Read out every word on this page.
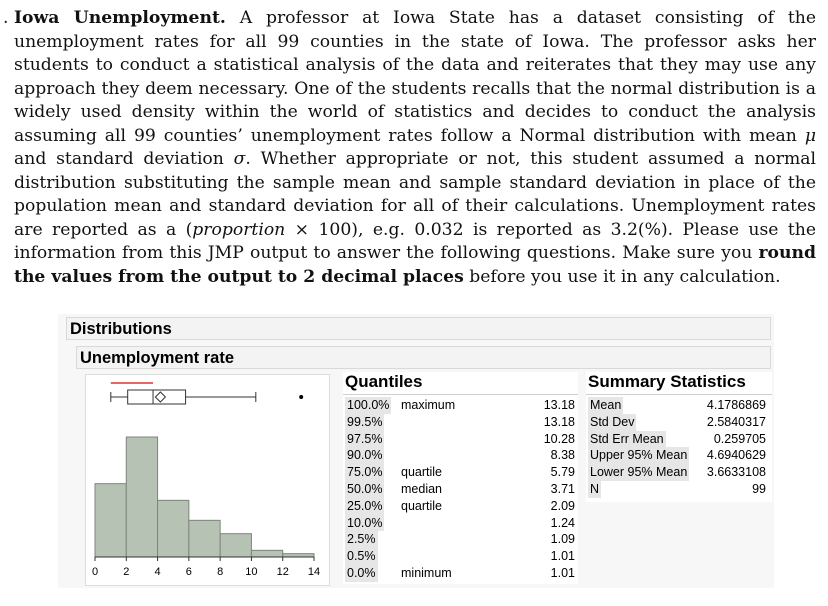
. Iowa Unemployment. A professor at Iowa State has a dataset consisting of the unemployment rates for all 99 counties in the state of Iowa. The professor asks her students to conduct a statistical analysis of the data and reiterates that they may use any approach they deem necessary. One of the students recalls that the normal distribution is a widely used density within the world of statistics and decides to conduct the analysis assuming all 99 counties’ unemployment rates follow a Normal distribution with mean μ and standard deviation σ. Whether appropriate or not, this student assumed a normal distribution substituting the sample mean and sample standard deviation in place of the population mean and standard deviation for all of their calculations. Unemployment rates are reported as a (proportion × 100), e.g. 0.032 is reported as 3.2(%). Please use the information from this JMP output to answer the following questions. Make sure you round the values from the output to 2 decimal places before you use it in any calculation.
Distributions
Unemployment rate
0 2 4 6 8 10 12 14
Quantiles
100.0% maximum	13.18
99.5%	13.18
97.5%	10.28
90.0%	8.38
75.0% quartile	5.79
50.0% median	3.71
25.0% quartile	2.09
10.0%	1.24
2.5%	1.09
0.5%	1.01
0.0% minimum	1.01
Summary Statistics
Mean	4.1786869
Std Dev	2.5840317
Std Err Mean	0.259705
Upper 95% Mean 4.6940629
Lower 95% Mean 3.6633108
N	99
